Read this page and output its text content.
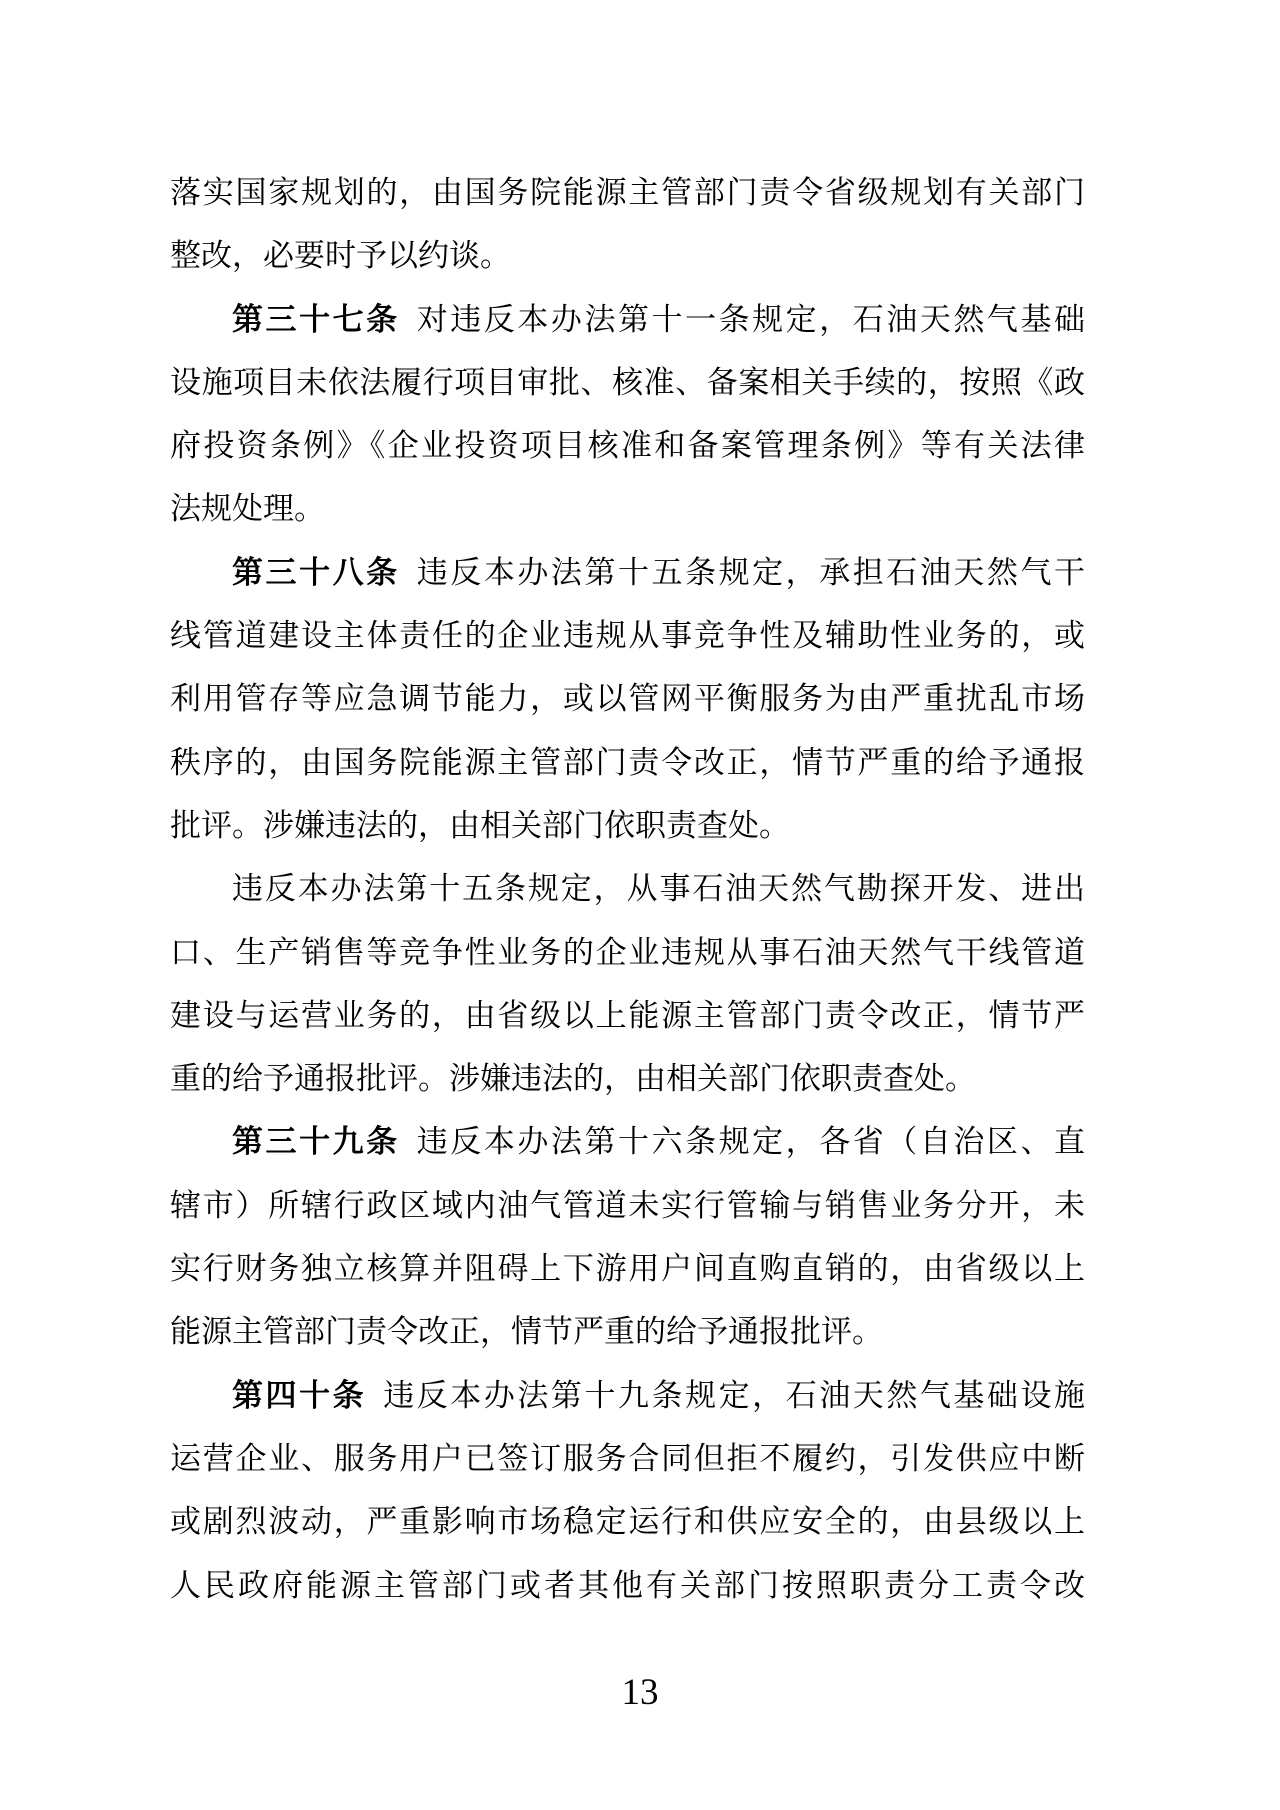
落实国家规划的，由国务院能源主管部门责令省级规划有关部门
整改，必要时予以约谈。

第三十七条 对违反本办法第十一条规定，石油天然气基础
设施项目未依法履行项目审批、核准、备案相关手续的，按照《政
府投资条例》《企业投资项目核准和备案管理条例》等有关法律
法规处理。

第三十八条 违反本办法第十五条规定，承担石油天然气干
线管道建设主体责任的企业违规从事竞争性及辅助性业务的，或
利用管存等应急调节能力，或以管网平衡服务为由严重扰乱市场
秩序的，由国务院能源主管部门责令改正，情节严重的给予通报
批评。涉嫌违法的，由相关部门依职责查处。

违反本办法第十五条规定，从事石油天然气勘探开发、进出
口、生产销售等竞争性业务的企业违规从事石油天然气干线管道
建设与运营业务的，由省级以上能源主管部门责令改正，情节严
重的给予通报批评。涉嫌违法的，由相关部门依职责查处。

第三十九条 违反本办法第十六条规定，各省（自治区、直
辖市）所辖行政区域内油气管道未实行管输与销售业务分开，未
实行财务独立核算并阻碍上下游用户间直购直销的，由省级以上
能源主管部门责令改正，情节严重的给予通报批评。

第四十条 违反本办法第十九条规定，石油天然气基础设施
运营企业、服务用户已签订服务合同但拒不履约，引发供应中断
或剧烈波动，严重影响市场稳定运行和供应安全的，由县级以上
人民政府能源主管部门或者其他有关部门按照职责分工责令改

13
